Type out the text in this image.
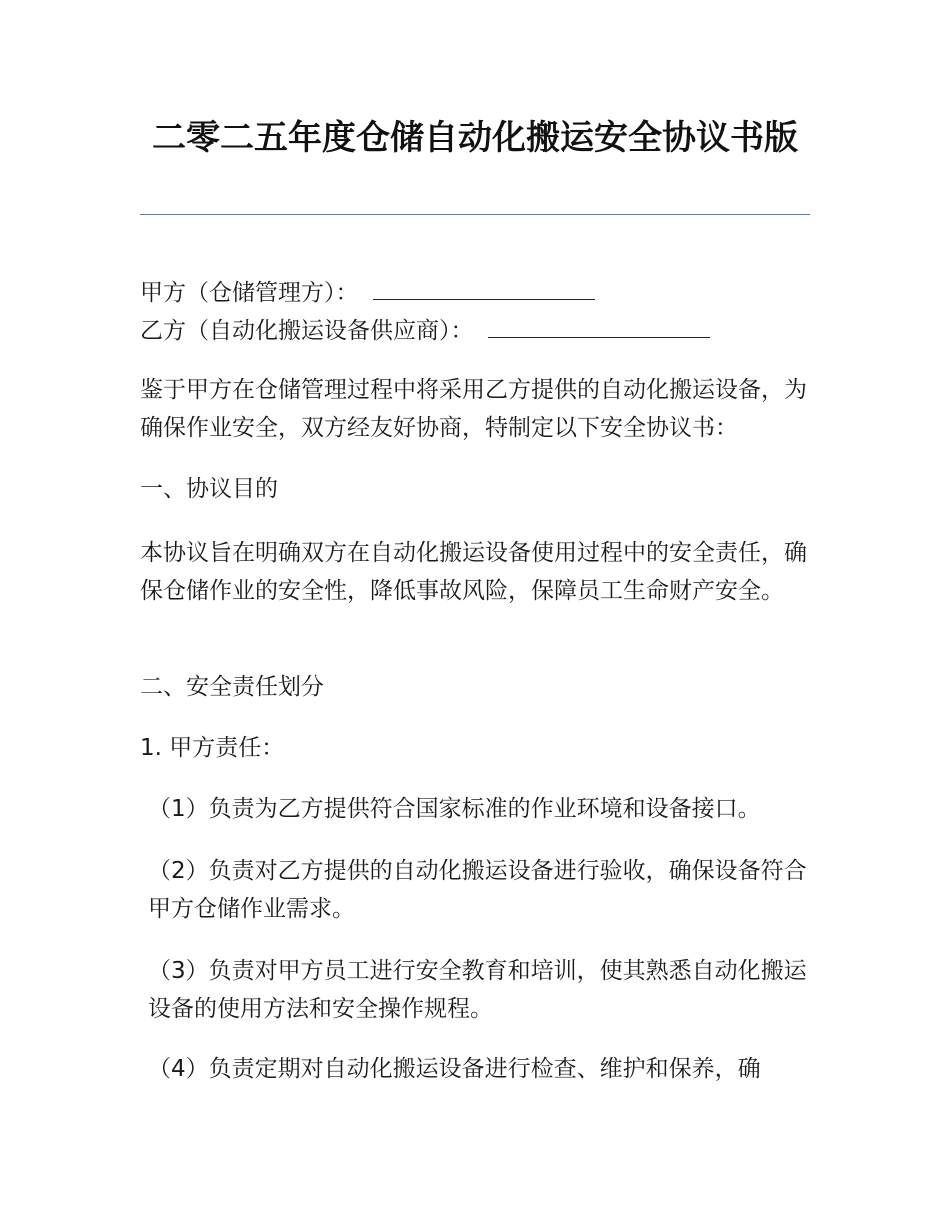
二零二五年度仓储自动化搬运安全协议书版

甲方（仓储管理方）：

乙方（自动化搬运设备供应商）：

鉴于甲方在仓储管理过程中将采用乙方提供的自动化搬运设备，为确保作业安全，双方经友好协商，特制定以下安全协议书：

一、协议目的

本协议旨在明确双方在自动化搬运设备使用过程中的安全责任，确保仓储作业的安全性，降低事故风险，保障员工生命财产安全。

二、安全责任划分

1. 甲方责任：

（1）负责为乙方提供符合国家标准的作业环境和设备接口。

（2）负责对乙方提供的自动化搬运设备进行验收，确保设备符合甲方仓储作业需求。

（3）负责对甲方员工进行安全教育和培训，使其熟悉自动化搬运设备的使用方法和安全操作规程。

（4）负责定期对自动化搬运设备进行检查、维护和保养，确
